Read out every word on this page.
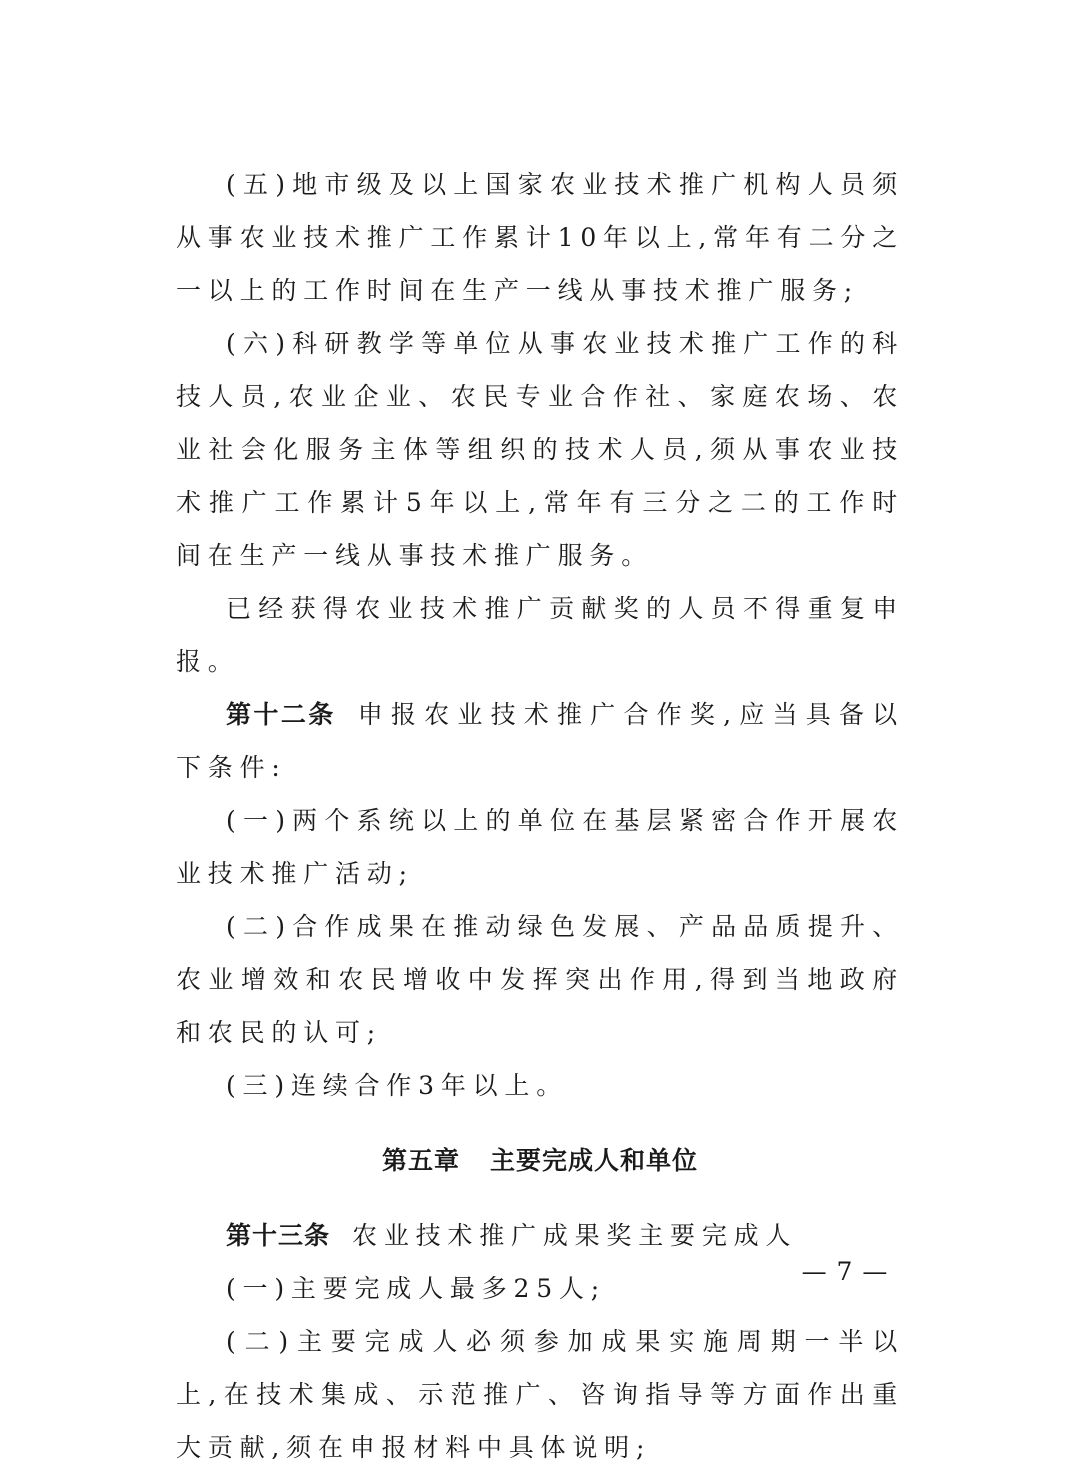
(五)地市级及以上国家农业技术推广机构人员须从事农业技术推广工作累计10年以上,常年有二分之一以上的工作时间在生产一线从事技术推广服务;

(六)科研教学等单位从事农业技术推广工作的科技人员,农业企业、农民专业合作社、家庭农场、农业社会化服务主体等组织的技术人员,须从事农业技术推广工作累计5年以上,常年有三分之二的工作时间在生产一线从事技术推广服务。

已经获得农业技术推广贡献奖的人员不得重复申报。

第十二条 申报农业技术推广合作奖,应当具备以下条件:

(一)两个系统以上的单位在基层紧密合作开展农业技术推广活动;

(二)合作成果在推动绿色发展、产品品质提升、农业增效和农民增收中发挥突出作用,得到当地政府和农民的认可;

(三)连续合作3年以上。

第五章 主要完成人和单位

第十三条 农业技术推广成果奖主要完成人

(一)主要完成人最多25人;

(二)主要完成人必须参加成果实施周期一半以上,在技术集成、示范推广、咨询指导等方面作出重大贡献,须在申报材料中具体说明;

— 7 —
